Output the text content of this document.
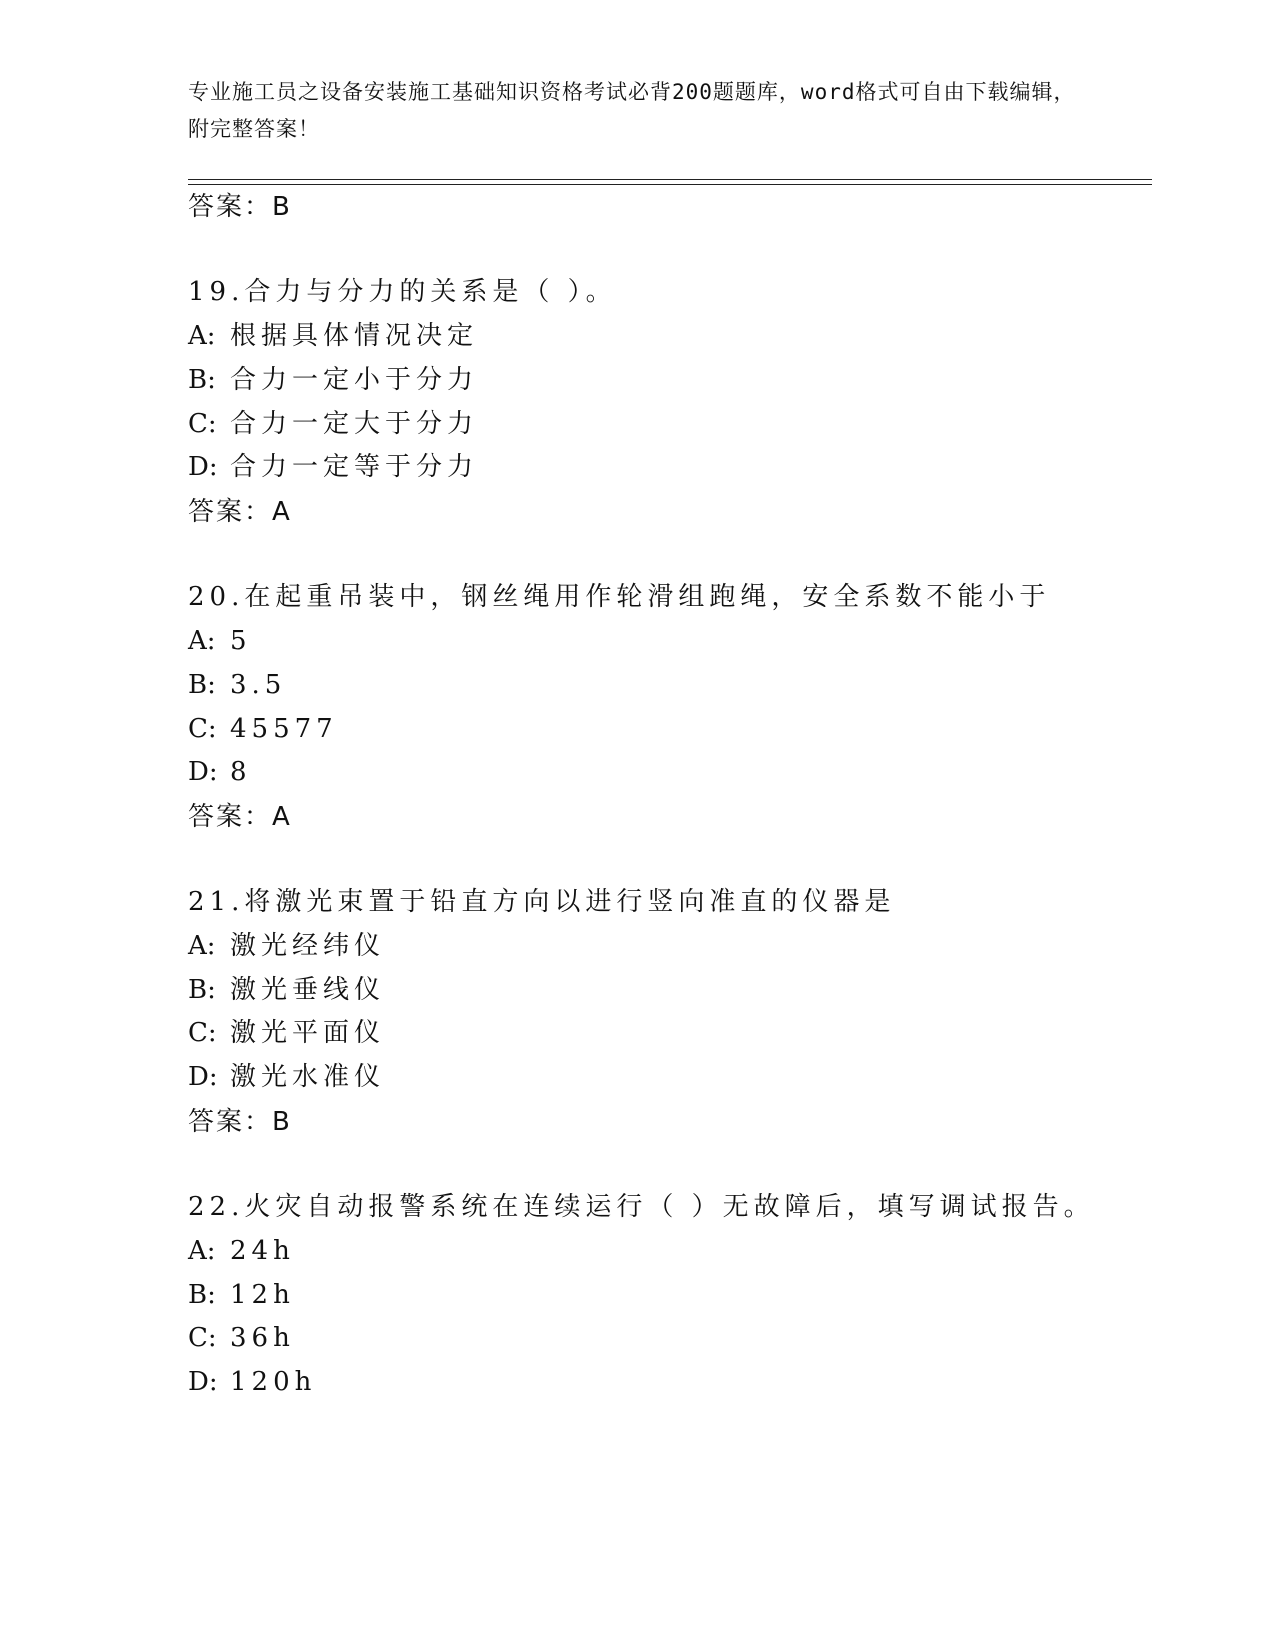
专业施工员之设备安装施工基础知识资格考试必背200题题库，word格式可自由下载编辑，附完整答案！
答案：B
19.合力与分力的关系是（ ）。
A: 根据具体情况决定
B: 合力一定小于分力
C: 合力一定大于分力
D: 合力一定等于分力
答案：A
20.在起重吊装中，钢丝绳用作轮滑组跑绳，安全系数不能小于
A: 5
B: 3.5
C: 45577
D: 8
答案：A
21.将激光束置于铅直方向以进行竖向准直的仪器是
A: 激光经纬仪
B: 激光垂线仪
C: 激光平面仪
D: 激光水准仪
答案：B
22.火灾自动报警系统在连续运行（ ）无故障后，填写调试报告。
A: 24h
B: 12h
C: 36h
D: 120h
